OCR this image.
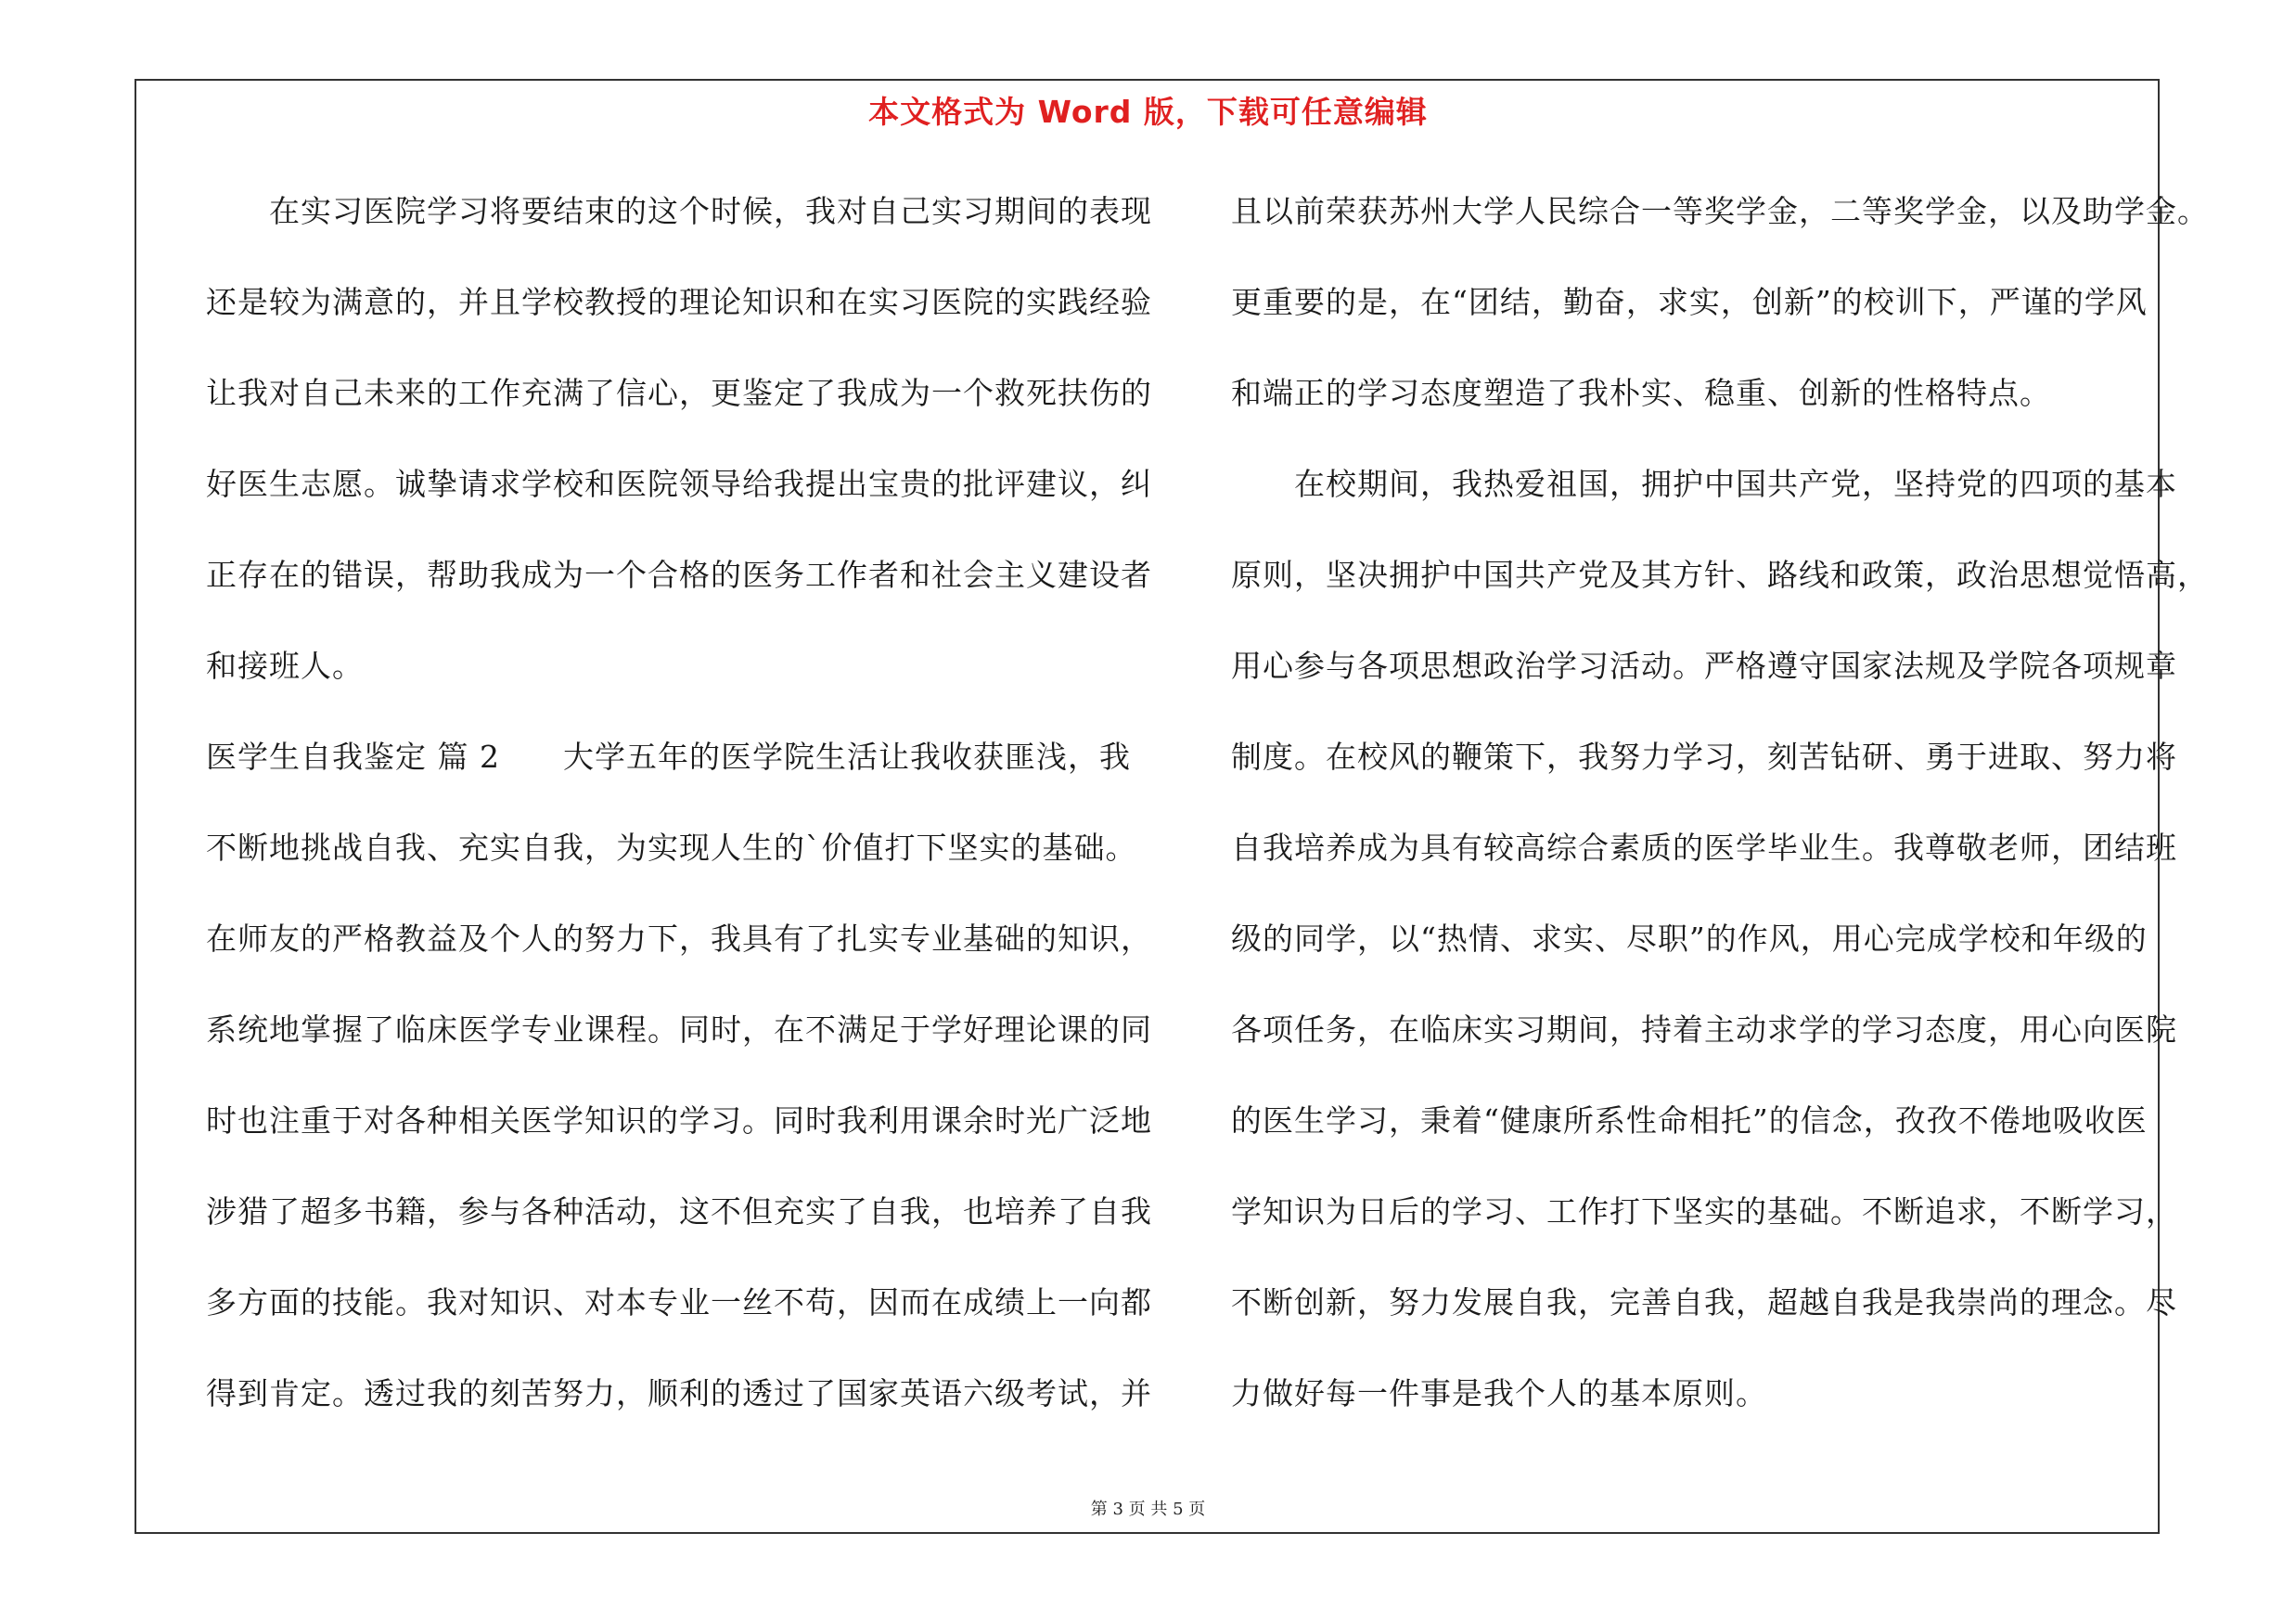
本文格式为 Word 版，下载可任意编辑
　　在实习医院学习将要结束的这个时候，我对自己实习期间的表现
还是较为满意的，并且学校教授的理论知识和在实习医院的实践经验
让我对自己未来的工作充满了信心，更鉴定了我成为一个救死扶伤的
好医生志愿。诚挚请求学校和医院领导给我提出宝贵的批评建议，纠
正存在的错误，帮助我成为一个合格的医务工作者和社会主义建设者
和接班人。
医学生自我鉴定 篇 2　　大学五年的医学院生活让我收获匪浅，我
不断地挑战自我、充实自我，为实现人生的`价值打下坚实的基础。
在师友的严格教益及个人的努力下，我具有了扎实专业基础的知识，
系统地掌握了临床医学专业课程。同时，在不满足于学好理论课的同
时也注重于对各种相关医学知识的学习。同时我利用课余时光广泛地
涉猎了超多书籍，参与各种活动，这不但充实了自我，也培养了自我
多方面的技能。我对知识、对本专业一丝不苟，因而在成绩上一向都
得到肯定。透过我的刻苦努力，顺利的透过了国家英语六级考试，并
且以前荣获苏州大学人民综合一等奖学金，二等奖学金，以及助学金。
更重要的是，在“团结，勤奋，求实，创新”的校训下，严谨的学风
和端正的学习态度塑造了我朴实、稳重、创新的性格特点。
　　在校期间，我热爱祖国，拥护中国共产党，坚持党的四项的基本
原则，坚决拥护中国共产党及其方针、路线和政策，政治思想觉悟高，
用心参与各项思想政治学习活动。严格遵守国家法规及学院各项规章
制度。在校风的鞭策下，我努力学习，刻苦钻研、勇于进取、努力将
自我培养成为具有较高综合素质的医学毕业生。我尊敬老师，团结班
级的同学，以“热情、求实、尽职”的作风，用心完成学校和年级的
各项任务，在临床实习期间，持着主动求学的学习态度，用心向医院
的医生学习，秉着“健康所系性命相托”的信念，孜孜不倦地吸收医
学知识为日后的学习、工作打下坚实的基础。不断追求，不断学习，
不断创新，努力发展自我，完善自我，超越自我是我崇尚的理念。尽
力做好每一件事是我个人的基本原则。
第 3 页 共 5 页
